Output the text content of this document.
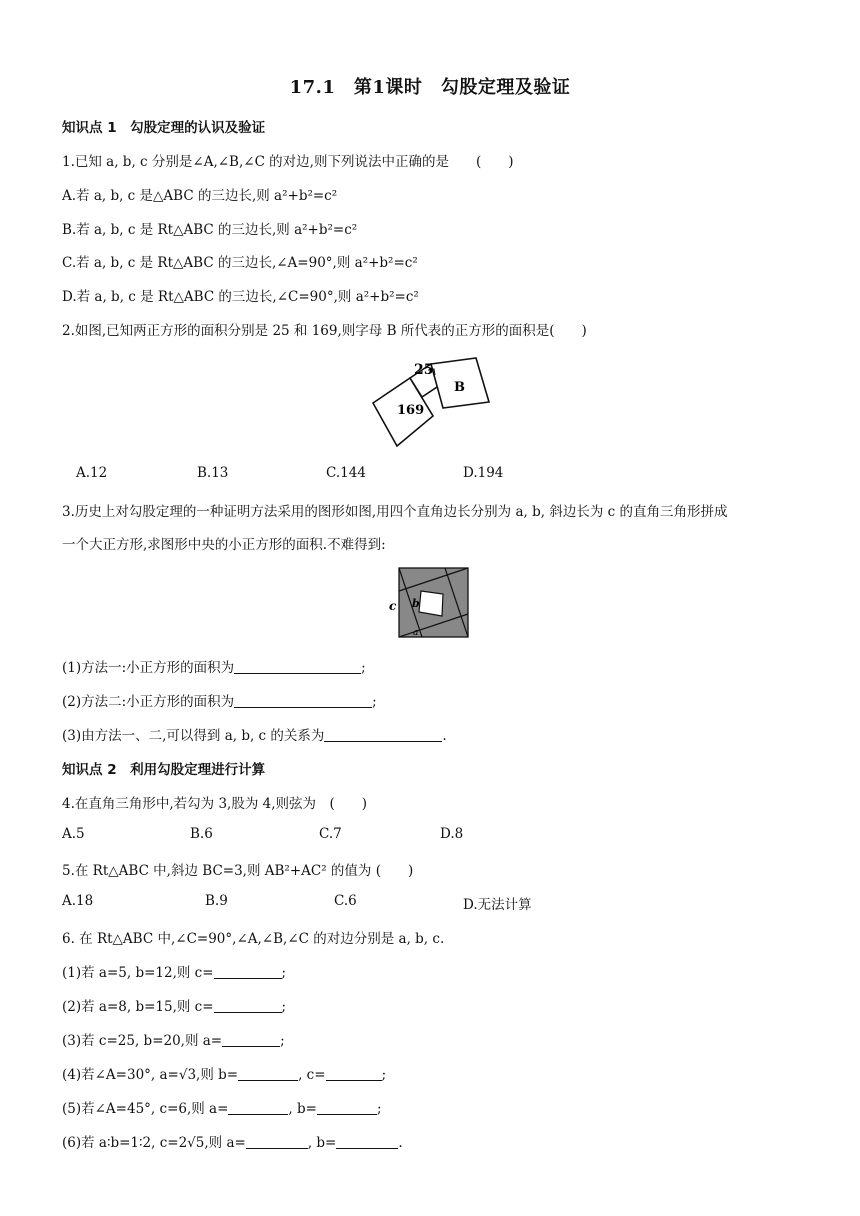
17.1　第1课时　勾股定理及验证
知识点 1　勾股定理的认识及验证
1.已知 a, b, c 分别是∠A,∠B,∠C 的对边,则下列说法中正确的是　　(　　)
A.若 a, b, c 是△ABC 的三边长,则 a²+b²=c²
B.若 a, b, c 是 Rt△ABC 的三边长,则 a²+b²=c²
C.若 a, b, c 是 Rt△ABC 的三边长,∠A=90°,则 a²+b²=c²
D.若 a, b, c 是 Rt△ABC 的三边长,∠C=90°,则 a²+b²=c²
2.如图,已知两正方形的面积分别是 25 和 169,则字母 B 所代表的正方形的面积是(　　)
25
169
B
A.12	B.13	C.144	D.194
3.历史上对勾股定理的一种证明方法采用的图形如图,用四个直角边长分别为 a, b, 斜边长为 c 的直角三角形拼成
一个大正方形,求图形中央的小正方形的面积.不难得到:
c b
a
(1)方法一:小正方形的面积为	;
(2)方法二:小正方形的面积为	;
(3)由方法一、二,可以得到 a, b, c 的关系为	.
知识点 2　利用勾股定理进行计算
4.在直角三角形中,若勾为 3,股为 4,则弦为　(　　)
A.5	B.6	C.7	D.8
5.在 Rt△ABC 中,斜边 BC=3,则 AB²+AC² 的值为 (　　)
A.18	B.9	C.6	D.无法计算
6. 在 Rt△ABC 中,∠C=90°,∠A,∠B,∠C 的对边分别是 a, b, c.
(1)若 a=5, b=12,则 c=	;
(2)若 a=8, b=15,则 c=	;
(3)若 c=25, b=20,则 a=	;
(4)若∠A=30°, a=√3,则 b=	, c=	;
(5)若∠A=45°, c=6,则 a=	, b=	;
(6)若 a∶b=1∶2, c=2√5,则 a=	, b=	.
